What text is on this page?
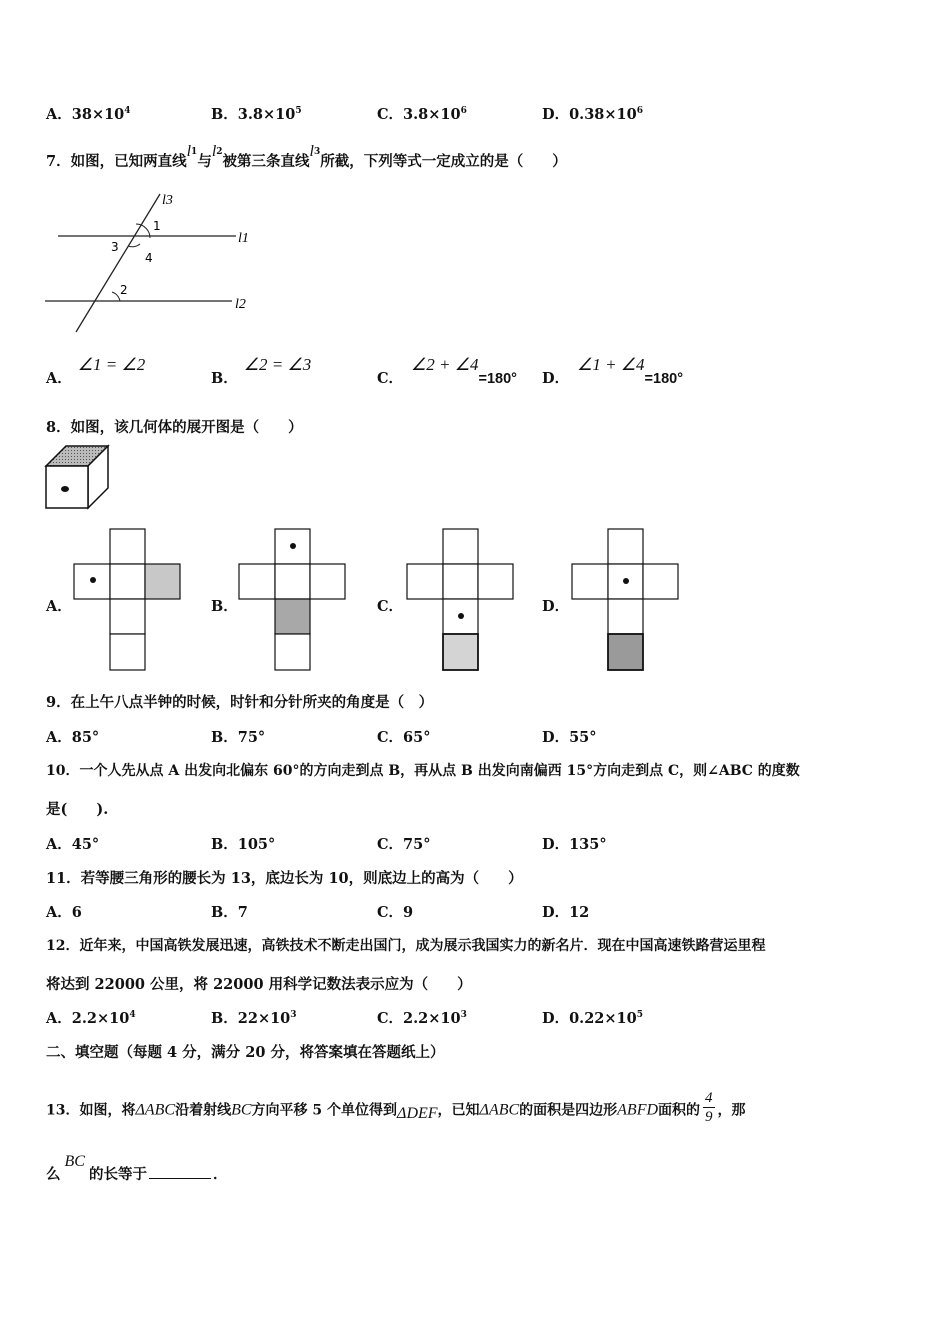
A．$38\times 10^4$	B．$3.8\times 10^5$	C．$3.8\times 10^6$	D．$0.38\times 10^6$
7．如图，已知两直线$l^1$与$l^2$被第三条直线$l^3$所截，下列等式一定成立的是（　　）
l3
l1
l2
1
3
4
2
A．∠1 = ∠2
B．∠2 = ∠3
C．∠2 + ∠4=180° D．∠1 + ∠4=180°
8．如图，该几何体的展开图是（　　）
A．	B．	C．	D．
9．在上午八点半钟的时候，时针和分针所夹的角度是（　）
A．85°	B．75°	C．65°	D．55°
10．一个人先从点 A 出发向北偏东 60°的方向走到点 B，再从点 B 出发向南偏西 15°方向走到点 C，则∠ABC 的度数
是(　　).
A．45°	B．105°	C．75°	D．135°
11．若等腰三角形的腰长为 13，底边长为 10，则底边上的高为（　　）
A．6	B．7	C．9	D．12
12．近年来，中国高铁发展迅速，高铁技术不断走出国门，成为展示我国实力的新名片．现在中国高速铁路营运里程
将达到 22000 公里，将 22000 用科学记数法表示应为（　　）
A．$2.2\times 10^4$	B．$22\times 10^3$	C．$2.2\times 10^3$	D．$0.22\times 10^5$
二、填空题（每题 4 分，满分 20 分，将答案填在答题纸上）
13．如图，将ΔABC沿着射线BC方向平移 5 个单位得到ΔDEF，已知ΔABC的面积是四边形ABFD面积的 $\frac{4}{9}$ ，那
么BC的长等于	．
